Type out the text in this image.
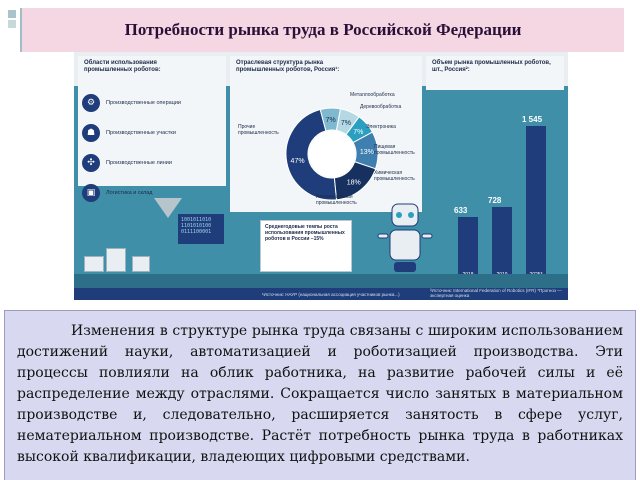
Потребности рынка труда в Российской Федерации
Области использования промышленных роботов:
Отраслевая структура рынка промышленных роботов, Россия¹:
Объем рынка промышленных роботов, шт., Россия²:
⚙	Производственные операции
☗	Производственные участки
✣	Производственные линии
▣	Логистика и склад
47%
7% 7%
7%
13%
18%
Металлообработка
Деревообработка
Электроника
Пищевая промышленность
Химическая промышленность
Автомобильная промышленность
Прочие промышленность
Среднегодовые темпы роста использования промышленных роботов в России –15%
1001011010
1101010100
0111100001
633
728
1 545
¹Источник: НАУР (национальная ассоциация участников рынка...)
²Источник: International Federation of Robotics (IFR) *Прогноз — экспертная оценка

Изменения в структуре рынка труда связаны с широким использованием достижений науки, автоматизацией и роботизацией производства. Эти процессы повлияли на облик работника, на развитие рабочей силы и её распределение между отраслями. Сокращается число занятых в материальном производстве и, следовательно, расширяется занятость в сфере услуг, нематериальном производстве. Растёт потребность рынка труда в работниках высокой квалификации, владеющих цифровыми средствами.
